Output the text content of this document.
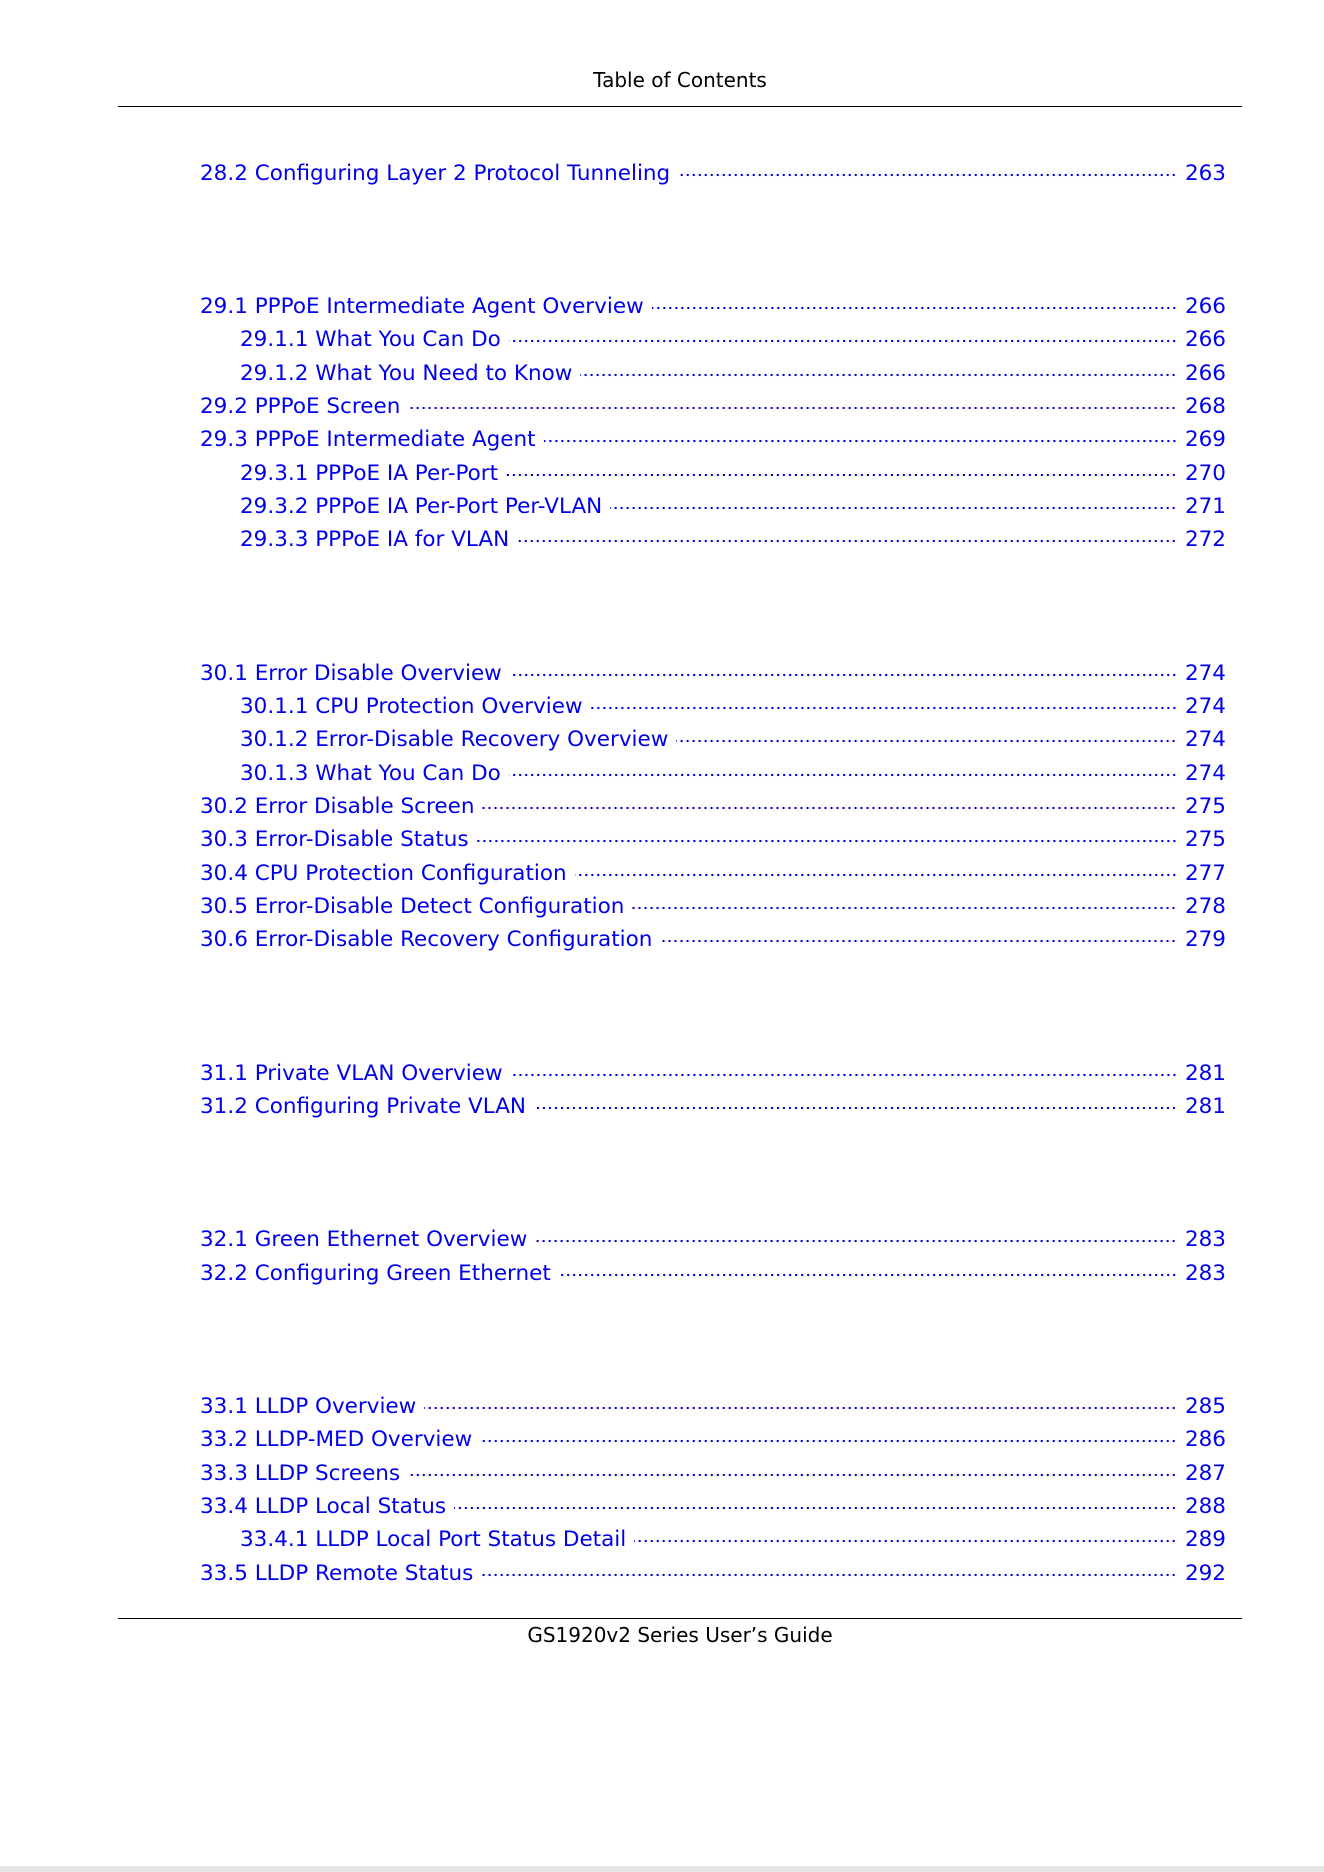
Table of Contents
28.2 Configuring Layer 2 Protocol Tunneling	263
29.1 PPPoE Intermediate Agent Overview	266
29.1.1 What You Can Do	266
29.1.2 What You Need to Know	266
29.2 PPPoE Screen	268
29.3 PPPoE Intermediate Agent	269
29.3.1 PPPoE IA Per-Port	270
29.3.2 PPPoE IA Per-Port Per-VLAN	271
29.3.3 PPPoE IA for VLAN	272
30.1 Error Disable Overview	274
30.1.1 CPU Protection Overview	274
30.1.2 Error-Disable Recovery Overview	274
30.1.3 What You Can Do	274
30.2 Error Disable Screen	275
30.3 Error-Disable Status	275
30.4 CPU Protection Configuration	277
30.5 Error-Disable Detect Configuration	278
30.6 Error-Disable Recovery Configuration	279
31.1 Private VLAN Overview	281
31.2 Configuring Private VLAN	281
32.1 Green Ethernet Overview	283
32.2 Configuring Green Ethernet	283
33.1 LLDP Overview	285
33.2 LLDP-MED Overview	286
33.3 LLDP Screens	287
33.4 LLDP Local Status	288
33.4.1 LLDP Local Port Status Detail	289
33.5 LLDP Remote Status	292
GS1920v2 Series User’s Guide
